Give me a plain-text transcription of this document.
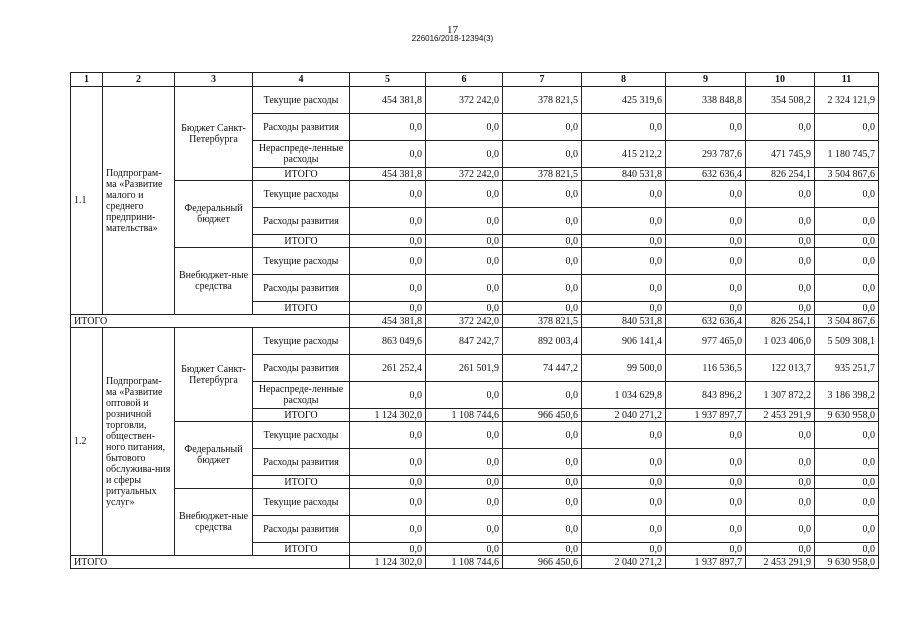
17
226016/2018-12394(3)
1	2	3	4	5	6	7	8	9	10	11
1.1	Подпрограм-ма «Развитие малого и среднего предприни-мательства»	Бюджет Санкт-Петербурга	Текущие расходы	454 381,8	372 242,0	378 821,5	425 319,6	338 848,8	354 508,2	2 324 121,9
			Расходы развития	0,0	0,0	0,0	0,0	0,0	0,0	0,0
			Нераспреде-ленные расходы	0,0	0,0	0,0	415 212,2	293 787,6	471 745,9	1 180 745,7
			ИТОГО	454 381,8	372 242,0	378 821,5	840 531,8	632 636,4	826 254,1	3 504 867,6
		Федеральный бюджет	Текущие расходы	0,0	0,0	0,0	0,0	0,0	0,0	0,0
			Расходы развития	0,0	0,0	0,0	0,0	0,0	0,0	0,0
			ИТОГО	0,0	0,0	0,0	0,0	0,0	0,0	0,0
		Внебюджет-ные средства	Текущие расходы	0,0	0,0	0,0	0,0	0,0	0,0	0,0
			Расходы развития	0,0	0,0	0,0	0,0	0,0	0,0	0,0
			ИТОГО	0,0	0,0	0,0	0,0	0,0	0,0	0,0
ИТОГО				454 381,8	372 242,0	378 821,5	840 531,8	632 636,4	826 254,1	3 504 867,6
1.2	Подпрограм-ма «Развитие оптовой и розничной торговли, обществен-ного питания, бытового обслужива-ния и сферы ритуальных услуг»	Бюджет Санкт-Петербурга	Текущие расходы	863 049,6	847 242,7	892 003,4	906 141,4	977 465,0	1 023 406,0	5 509 308,1
			Расходы развития	261 252,4	261 501,9	74 447,2	99 500,0	116 536,5	122 013,7	935 251,7
			Нераспреде-ленные расходы	0,0	0,0	0,0	1 034 629,8	843 896,2	1 307 872,2	3 186 398,2
			ИТОГО	1 124 302,0	1 108 744,6	966 450,6	2 040 271,2	1 937 897,7	2 453 291,9	9 630 958,0
		Федеральный бюджет	Текущие расходы	0,0	0,0	0,0	0,0	0,0	0,0	0,0
			Расходы развития	0,0	0,0	0,0	0,0	0,0	0,0	0,0
			ИТОГО	0,0	0,0	0,0	0,0	0,0	0,0	0,0
		Внебюджет-ные средства	Текущие расходы	0,0	0,0	0,0	0,0	0,0	0,0	0,0
			Расходы развития	0,0	0,0	0,0	0,0	0,0	0,0	0,0
			ИТОГО	0,0	0,0	0,0	0,0	0,0	0,0	0,0
ИТОГО				1 124 302,0	1 108 744,6	966 450,6	2 040 271,2	1 937 897,7	2 453 291,9	9 630 958,0
